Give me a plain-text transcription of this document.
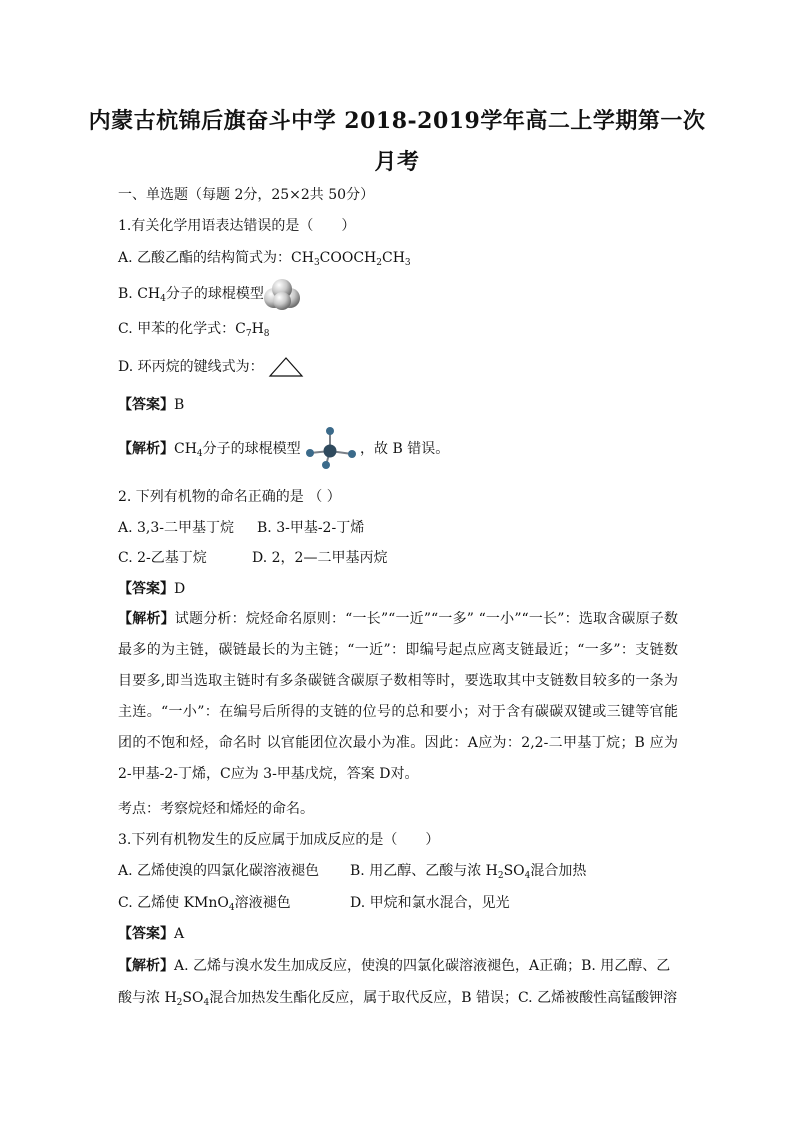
内蒙古杭锦后旗奋斗中学 2018-2019学年高二上学期第一次
月考
一、单选题（每题 2分，25×2共 50分）
1.有关化学用语表达错误的是（　　）
A. 乙酸乙酯的结构简式为：$CH_3COOCH_2CH_3$
B. $CH_4$分子的球棍模型
C. 甲苯的化学式：$C_7H_8$
D. 环丙烷的键线式为：
【答案】B
【解析】$CH_4$分子的球棍模型	，故 B 错误。
2. 下列有机物的命名正确的是 （ ）
A. 3,3-二甲基丁烷 B. 3-甲基-2-丁烯
C. 2-乙基丁烷	D. 2，2—二甲基丙烷
【答案】D
【解析】试题分析：烷烃命名原则：“一长”“一近”“一多” “一小”“一长”：选取含碳原子数最多的为主链，碳链最长的为主链；“一近”：即编号起点应离支链最近；“一多”：支链数目要多,即当选取主链时有多条碳链含碳原子数相等时，要选取其中支链数目较多的一条为主连。“一小”：在编号后所得的支链的位号的总和要小；对于含有碳碳双键或三键等官能团的不饱和烃，命名时 以官能团位次最小为准。因此：A应为：2,2-二甲基丁烷；B 应为 2-甲基-2-丁烯，C应为 3-甲基戊烷，答案 D对。
考点：考察烷烃和烯烃的命名。
3.下列有机物发生的反应属于加成反应的是（　　）
A. 乙烯使溴的四氯化碳溶液褪色 B. 用乙醇、乙酸与浓 $H_2SO_4$混合加热
C. 乙烯使 KMnO$_4$溶液褪色	D. 甲烷和氯水混合，见光
【答案】A
【解析】A. 乙烯与溴水发生加成反应，使溴的四氯化碳溶液褪色，A正确；B. 用乙醇、乙
酸与浓 $H_2SO_4$混合加热发生酯化反应，属于取代反应，B 错误；C. 乙烯被酸性高锰酸钾溶
